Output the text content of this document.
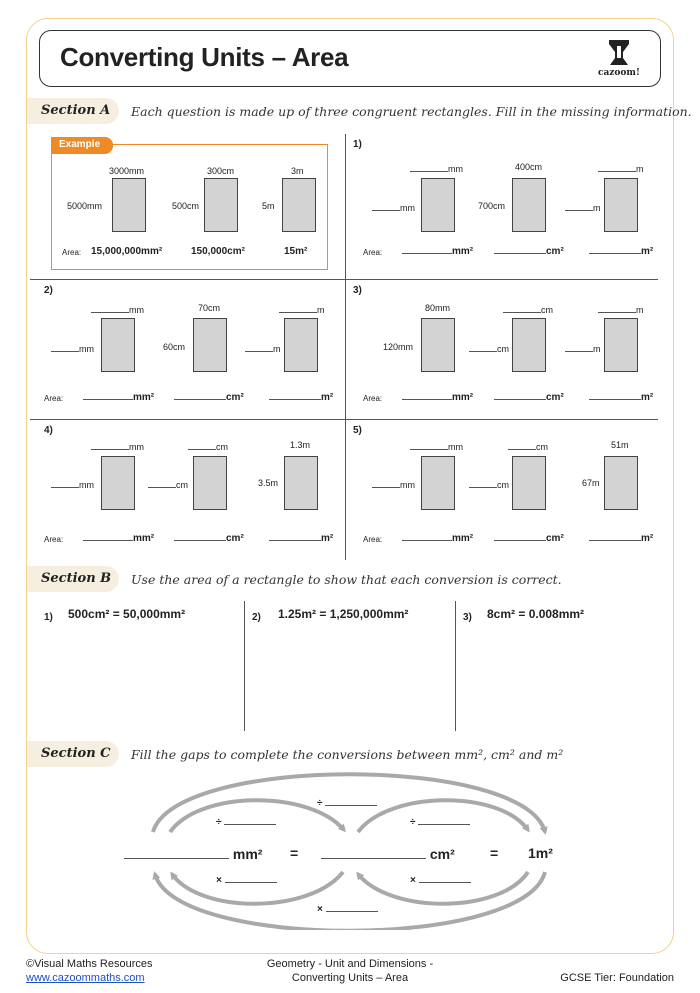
Converting Units – Area
cazoom!
Section A	Each question is made up of three congruent rectangles. Fill in the missing information.
Example
3000mm
5000mm
300cm
500cm
3m
5m
Area: 15,000,000mm²	150,000cm²	15m²
1)
mm
mm
400cm
700cm
m
m
Area:	mm²	cm²	m²
2)
mm
mm
70cm
60cm
m
m
Area:	mm²	cm²	m²
3)
80mm
120mm
cm
cm
m
m
Area:	mm²	cm²	m²
4)
mm
mm
cm
cm
1.3m
3.5m
Area:	mm²	cm²	m²
5)
mm
mm
cm
cm
51m
67m
Area:	mm²	cm²	m²
Section B	Use the area of a rectangle to show that each conversion is correct.
1) 500cm² = 50,000mm²	2) 1.25m² = 1,250,000mm²	3) 8cm² = 0.008mm²
Section C	Fill the gaps to complete the conversions between mm², cm² and m²
÷
÷	÷
mm² =	cm²	= 1m²
×	×
×
©Visual Maths Resources
www.cazoommaths.com
Geometry - Unit and Dimensions -
Converting Units – Area	GCSE Tier: Foundation
